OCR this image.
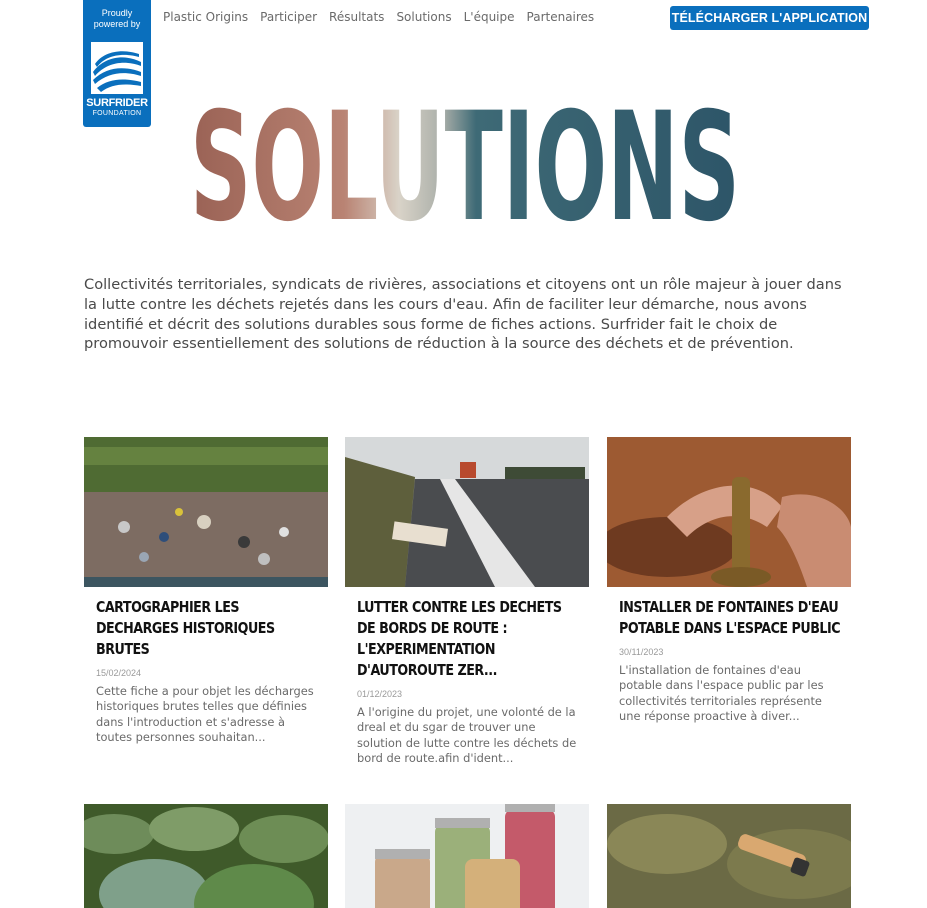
Proudly
powered by
SURFRIDER
FOUNDATION
Plastic Origins Participer Résultats Solutions L'équipe Partenaires	TÉLÉCHARGER L'APPLICATION
SOLUTIONS

Collectivités territoriales, syndicats de rivières, associations et citoyens ont un rôle majeur à jouer dans la lutte contre les déchets rejetés dans les cours d'eau. Afin de faciliter leur démarche, nous avons identifié et décrit des solutions durables sous forme de fiches actions. Surfrider fait le choix de promouvoir essentiellement des solutions de réduction à la source des déchets et de prévention.

CARTOGRAPHIER LES DECHARGES HISTORIQUES BRUTES
15/02/2024

Cette fiche a pour objet les décharges historiques brutes telles que définies dans l'introduction et s'adresse à toutes personnes souhaitan...

LUTTER CONTRE LES DECHETS DE BORDS DE ROUTE : L'EXPERIMENTATION D'AUTOROUTE ZER...
01/12/2023

A l'origine du projet, une volonté de la dreal et du sgar de trouver une solution de lutte contre les déchets de bord de route.afin d'ident...

INSTALLER DE FONTAINES D'EAU POTABLE DANS L'ESPACE PUBLIC
30/11/2023

L'installation de fontaines d'eau potable dans l'espace public par les collectivités territoriales représente une réponse proactive à diver...
